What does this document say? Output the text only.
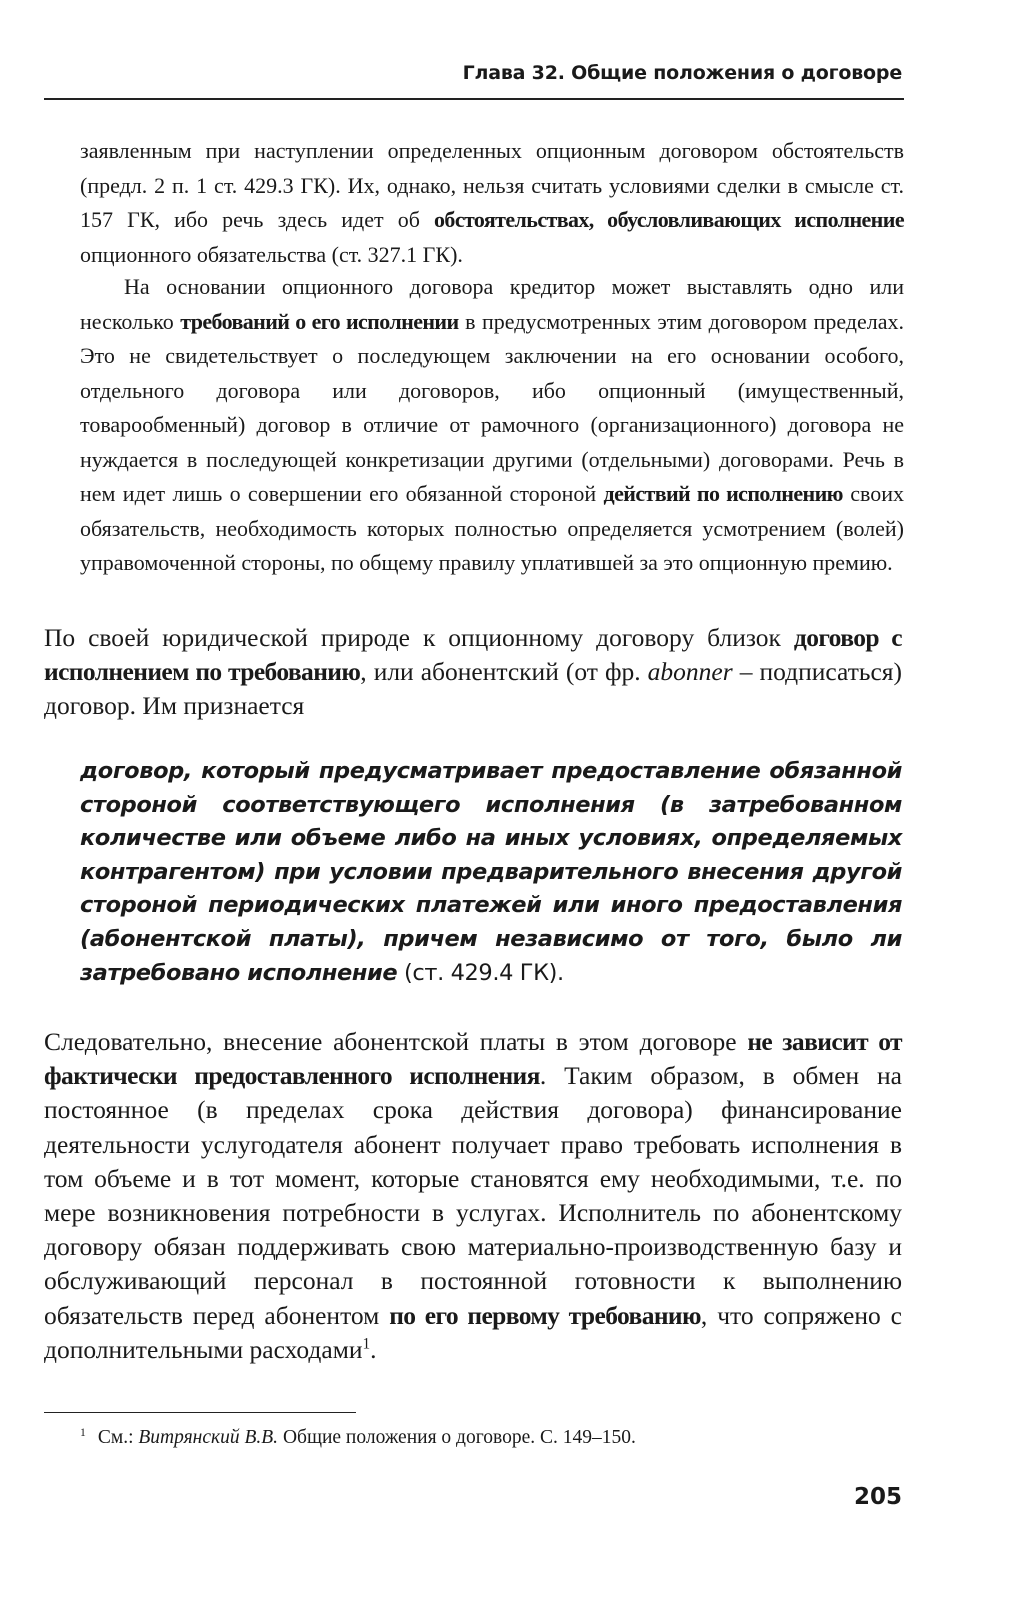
Глава 32. Общие положения о договоре

заявленным при наступлении определенных опционным договором обстоятельств (предл. 2 п. 1 ст. 429.3 ГК). Их, однако, нельзя считать условиями сделки в смысле ст. 157 ГК, ибо речь здесь идет об обстоятельствах, обусловливающих исполнение опционного обязательства (ст. 327.1 ГК).

На основании опционного договора кредитор может выставлять одно или несколько требований о его исполнении в предусмотренных этим договором пределах. Это не свидетельствует о последующем заключении на его основании особого, отдельного договора или договоров, ибо опционный (имущественный, товарообменный) договор в отличие от рамочного (организационного) договора не нуждается в последующей конкретизации другими (отдельными) договорами. Речь в нем идет лишь о совершении его обязанной стороной действий по исполнению своих обязательств, необходимость которых полностью определяется усмотрением (волей) управомоченной стороны, по общему правилу уплатившей за это опционную премию.

По своей юридической природе к опционному договору близок договор с исполнением по требованию, или абонентский (от фр. abonner – подписаться) договор. Им признается

договор, который предусматривает предоставление обязанной стороной соответствующего исполнения (в затребованном количестве или объеме либо на иных условиях, определяемых контрагентом) при условии предварительного внесения другой стороной периодических платежей или иного предоставления (абонентской платы), причем независимо от того, было ли затребовано исполнение (ст. 429.4 ГК).

Следовательно, внесение абонентской платы в этом договоре не зависит от фактически предоставленного исполнения. Таким образом, в обмен на постоянное (в пределах срока действия договора) финансирование деятельности услугодателя абонент получает право требовать исполнения в том объеме и в тот момент, которые становятся ему необходимыми, т.е. по мере возникновения потребности в услугах. Исполнитель по абонентскому договору обязан поддерживать свою материально-производственную базу и обслуживающий персонал в постоянной готовности к выполнению обязательств перед абонентом по его первому требованию, что сопряжено с дополнительными расходами$^1$.

$^1$ См.: Витрянский В.В. Общие положения о договоре. С. 149–150.
205
